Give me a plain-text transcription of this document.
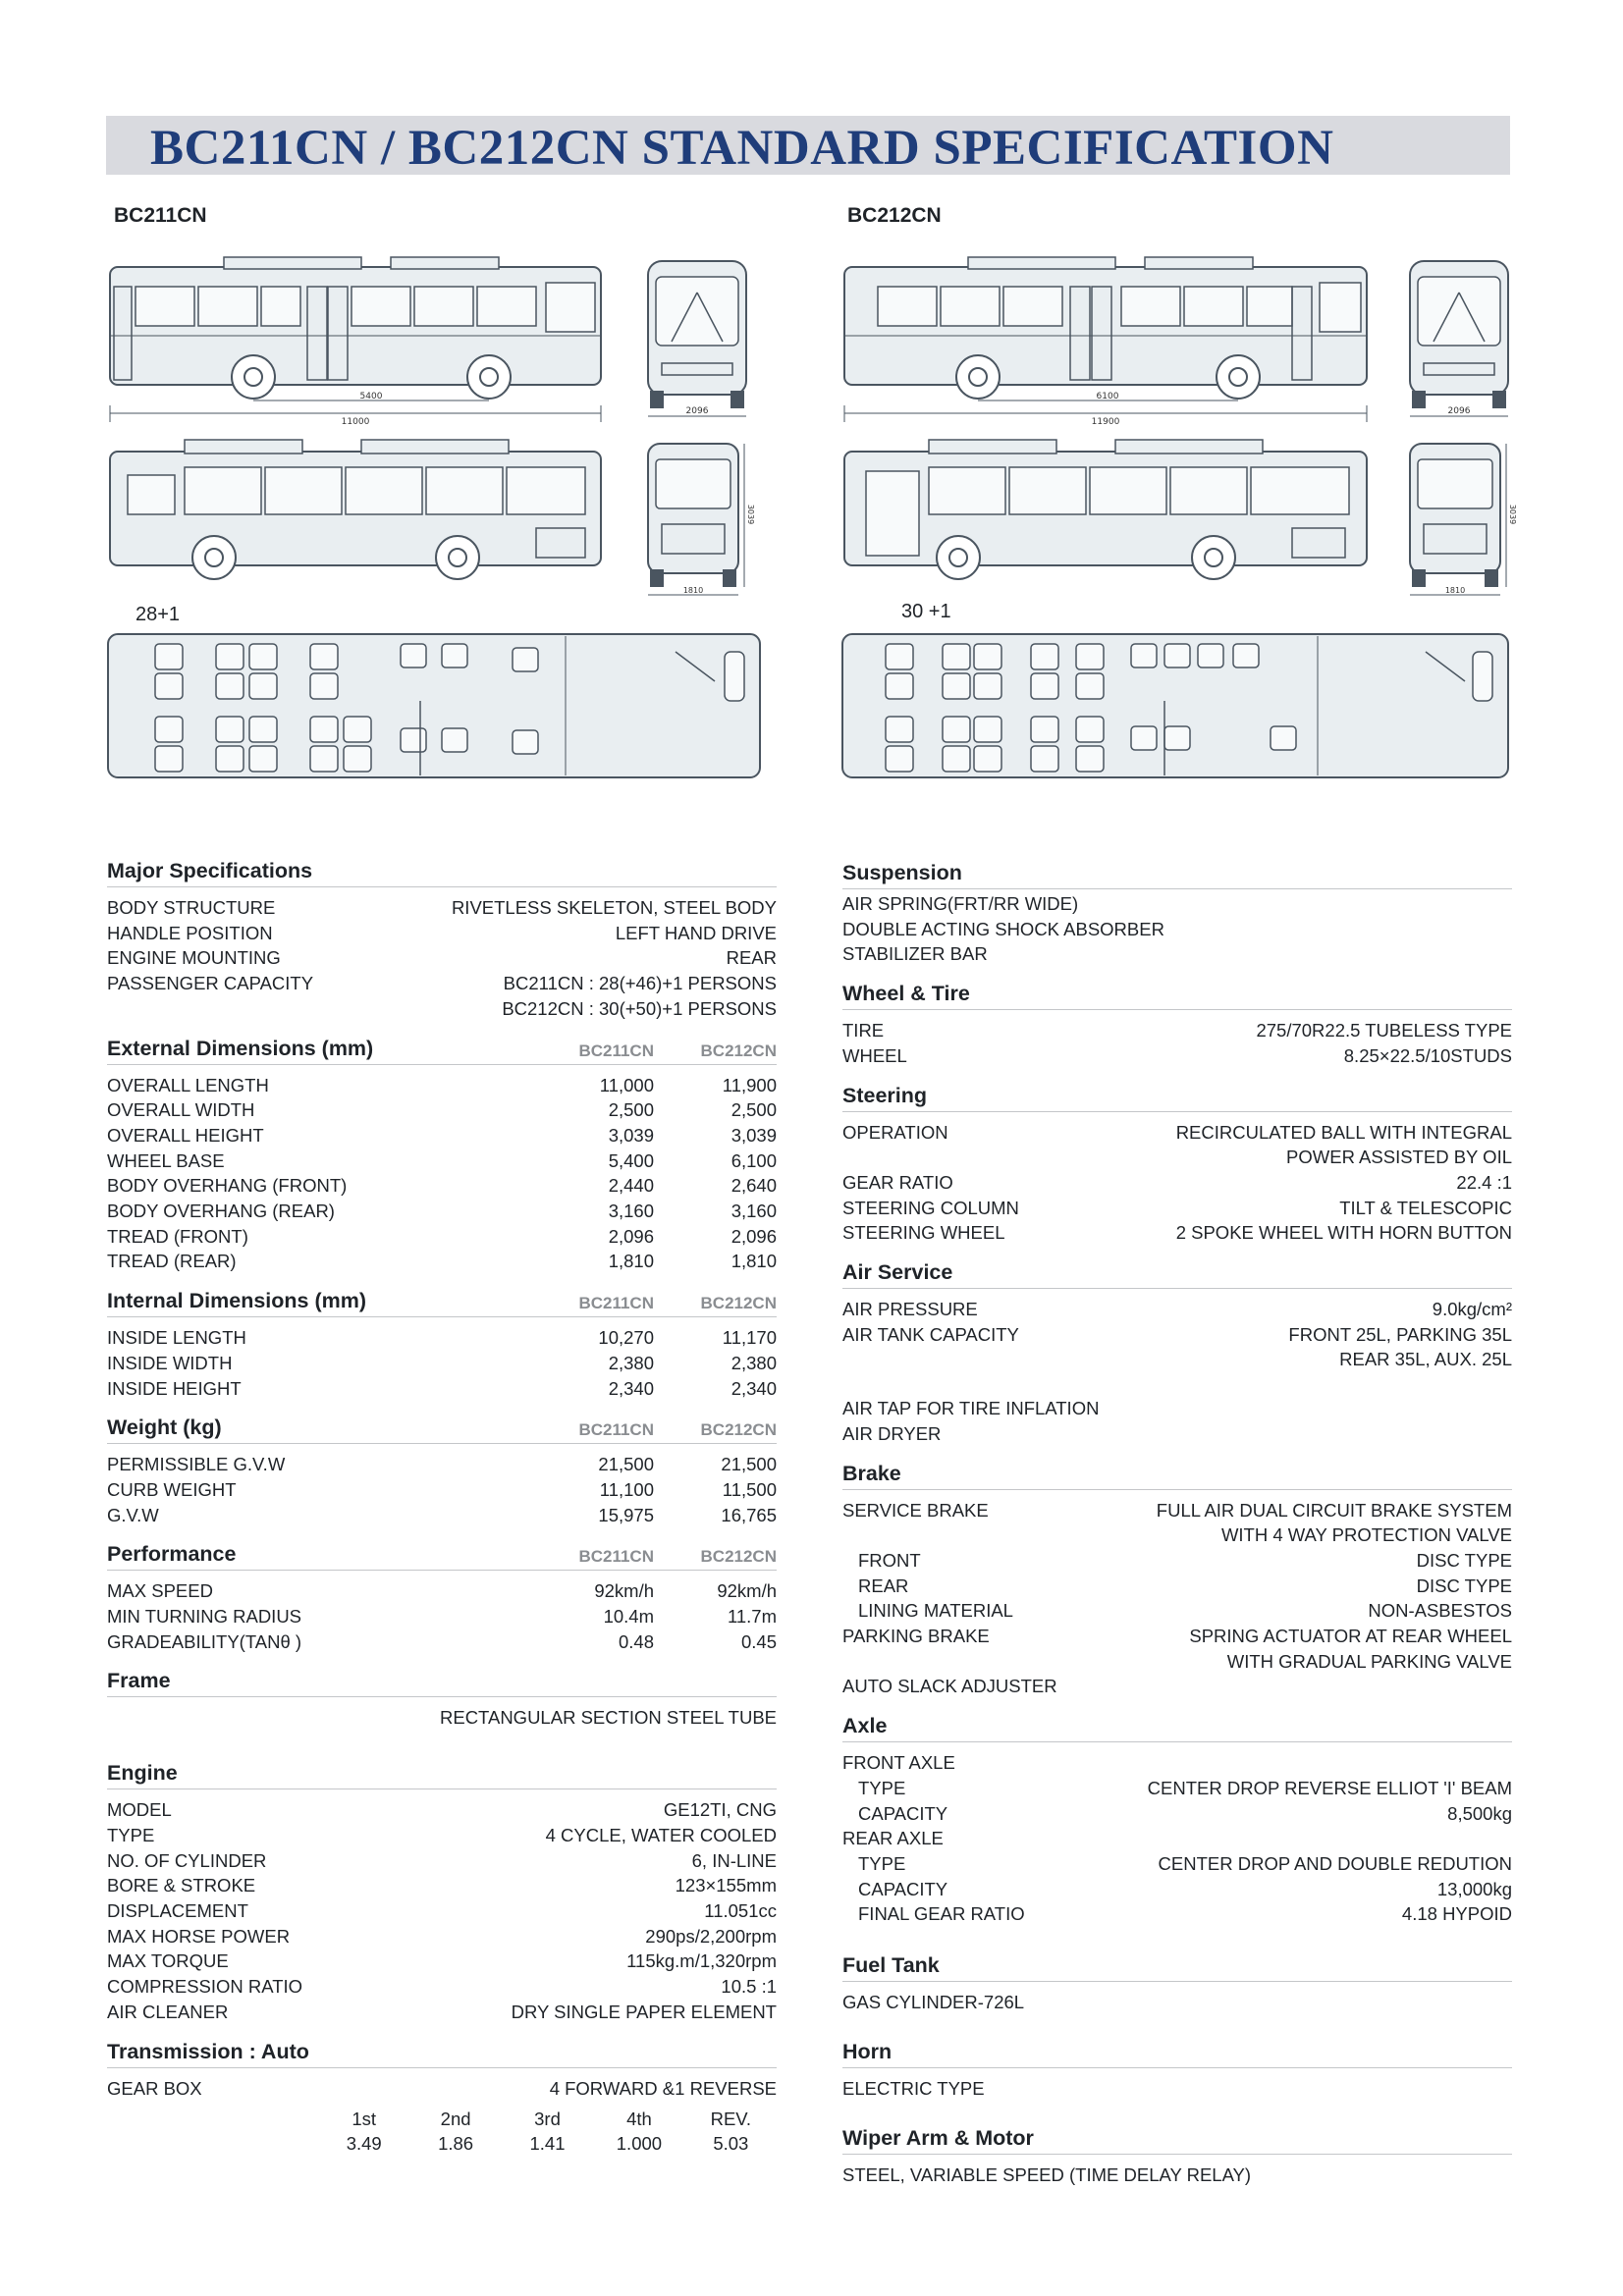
BC211CN / BC212CN STANDARD SPECIFICATION
BC211CN	BC212CN
5400
11000
2096
3039
1810
28+1
6100
11900
2096
3039
1810
30 +1
Major Specifications
BODY STRUCTURE	RIVETLESS SKELETON, STEEL BODY
HANDLE POSITION	LEFT HAND DRIVE
ENGINE MOUNTING	REAR
PASSENGER CAPACITY	BC211CN : 28(+46)+1 PERSONS
BC212CN : 30(+50)+1 PERSONS
External Dimensions (mm)	BC211CN	BC212CN
OVERALL LENGTH	11,000	11,900
OVERALL WIDTH	2,500	2,500
OVERALL HEIGHT	3,039	3,039
WHEEL BASE	5,400	6,100
BODY OVERHANG (FRONT)	2,440	2,640
BODY OVERHANG (REAR)	3,160	3,160
TREAD (FRONT)	2,096	2,096
TREAD (REAR)	1,810	1,810
Internal Dimensions (mm)	BC211CN	BC212CN
INSIDE LENGTH	10,270	11,170
INSIDE WIDTH	2,380	2,380
INSIDE HEIGHT	2,340	2,340
Weight (kg)	BC211CN	BC212CN
PERMISSIBLE G.V.W	21,500	21,500
CURB WEIGHT	11,100	11,500
G.V.W	15,975	16,765
Performance	BC211CN	BC212CN
MAX SPEED	92km/h	92km/h
MIN TURNING RADIUS	10.4m	11.7m
GRADEABILITY(TANθ )	0.48	0.45
Frame
RECTANGULAR SECTION STEEL TUBE
Engine
MODEL	GE12TI, CNG
TYPE	4 CYCLE, WATER COOLED
NO. OF CYLINDER	6, IN-LINE
BORE & STROKE	123×155mm
DISPLACEMENT	11.051cc
MAX HORSE POWER	290ps/2,200rpm
MAX TORQUE	115kg.m/1,320rpm
COMPRESSION RATIO	10.5 :1
AIR CLEANER	DRY SINGLE PAPER ELEMENT
Transmission : Auto
GEAR BOX	4 FORWARD &1 REVERSE
1st	2nd	3rd	4th	REV.
3.49	1.86	1.41	1.000	5.03
Suspension
AIR SPRING(FRT/RR WIDE)
DOUBLE ACTING SHOCK ABSORBER
STABILIZER BAR
Wheel & Tire
TIRE	275/70R22.5 TUBELESS TYPE
WHEEL	8.25×22.5/10STUDS
Steering
OPERATION	RECIRCULATED BALL WITH INTEGRAL
POWER ASSISTED BY OIL
GEAR RATIO	22.4 :1
STEERING COLUMN	TILT & TELESCOPIC
STEERING WHEEL	2 SPOKE WHEEL WITH HORN BUTTON
Air Service
AIR PRESSURE	9.0kg/cm²
AIR TANK CAPACITY	FRONT 25L, PARKING 35L
REAR 35L, AUX. 25L
AIR TAP FOR TIRE INFLATION
AIR DRYER
Brake
SERVICE BRAKE	FULL AIR DUAL CIRCUIT BRAKE SYSTEM
WITH 4 WAY PROTECTION VALVE
FRONT	DISC TYPE
REAR	DISC TYPE
LINING MATERIAL	NON-ASBESTOS
PARKING BRAKE	SPRING ACTUATOR AT REAR WHEEL
WITH GRADUAL PARKING VALVE
AUTO SLACK ADJUSTER
Axle
FRONT AXLE
TYPE	CENTER DROP REVERSE ELLIOT 'I' BEAM
CAPACITY	8,500kg
REAR AXLE
TYPE	CENTER DROP AND DOUBLE REDUTION
CAPACITY	13,000kg
FINAL GEAR RATIO	4.18 HYPOID
Fuel Tank
GAS CYLINDER-726L
Horn
ELECTRIC TYPE
Wiper Arm & Motor
STEEL, VARIABLE SPEED (TIME DELAY RELAY)
